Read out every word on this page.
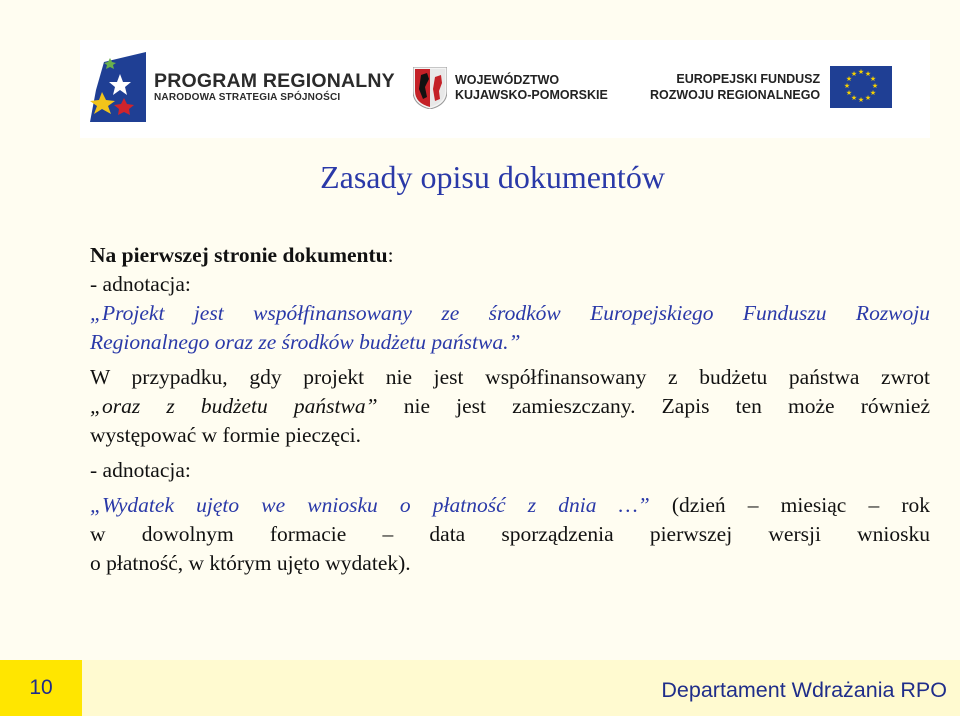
PROGRAM REGIONALNY
NARODOWA STRATEGIA SPÓJNOŚCI
WOJEWÓDZTWO
KUJAWSKO-POMORSKIE
EUROPEJSKI FUNDUSZ
ROZWOJU REGIONALNEGO
★ ★
★
★
★
★
★
★
★
★
★
★
Zasady opisu dokumentów

Na pierwszej stronie dokumentu:

- adnotacja:

„Projekt jest współfinansowany ze środków Europejskiego Funduszu Rozwoju

Regionalnego oraz ze środków budżetu państwa.”

W przypadku, gdy projekt nie jest współfinansowany z budżetu państwa zwrot

„oraz z budżetu państwa” nie jest zamieszczany. Zapis ten może również

występować w formie pieczęci.

- adnotacja:

„Wydatek ujęto we wniosku o płatność z dnia …” (dzień – miesiąc – rok

w dowolnym formacie – data sporządzenia pierwszej wersji wniosku

o płatność, w którym ujęto wydatek).

10	Departament Wdrażania RPO
